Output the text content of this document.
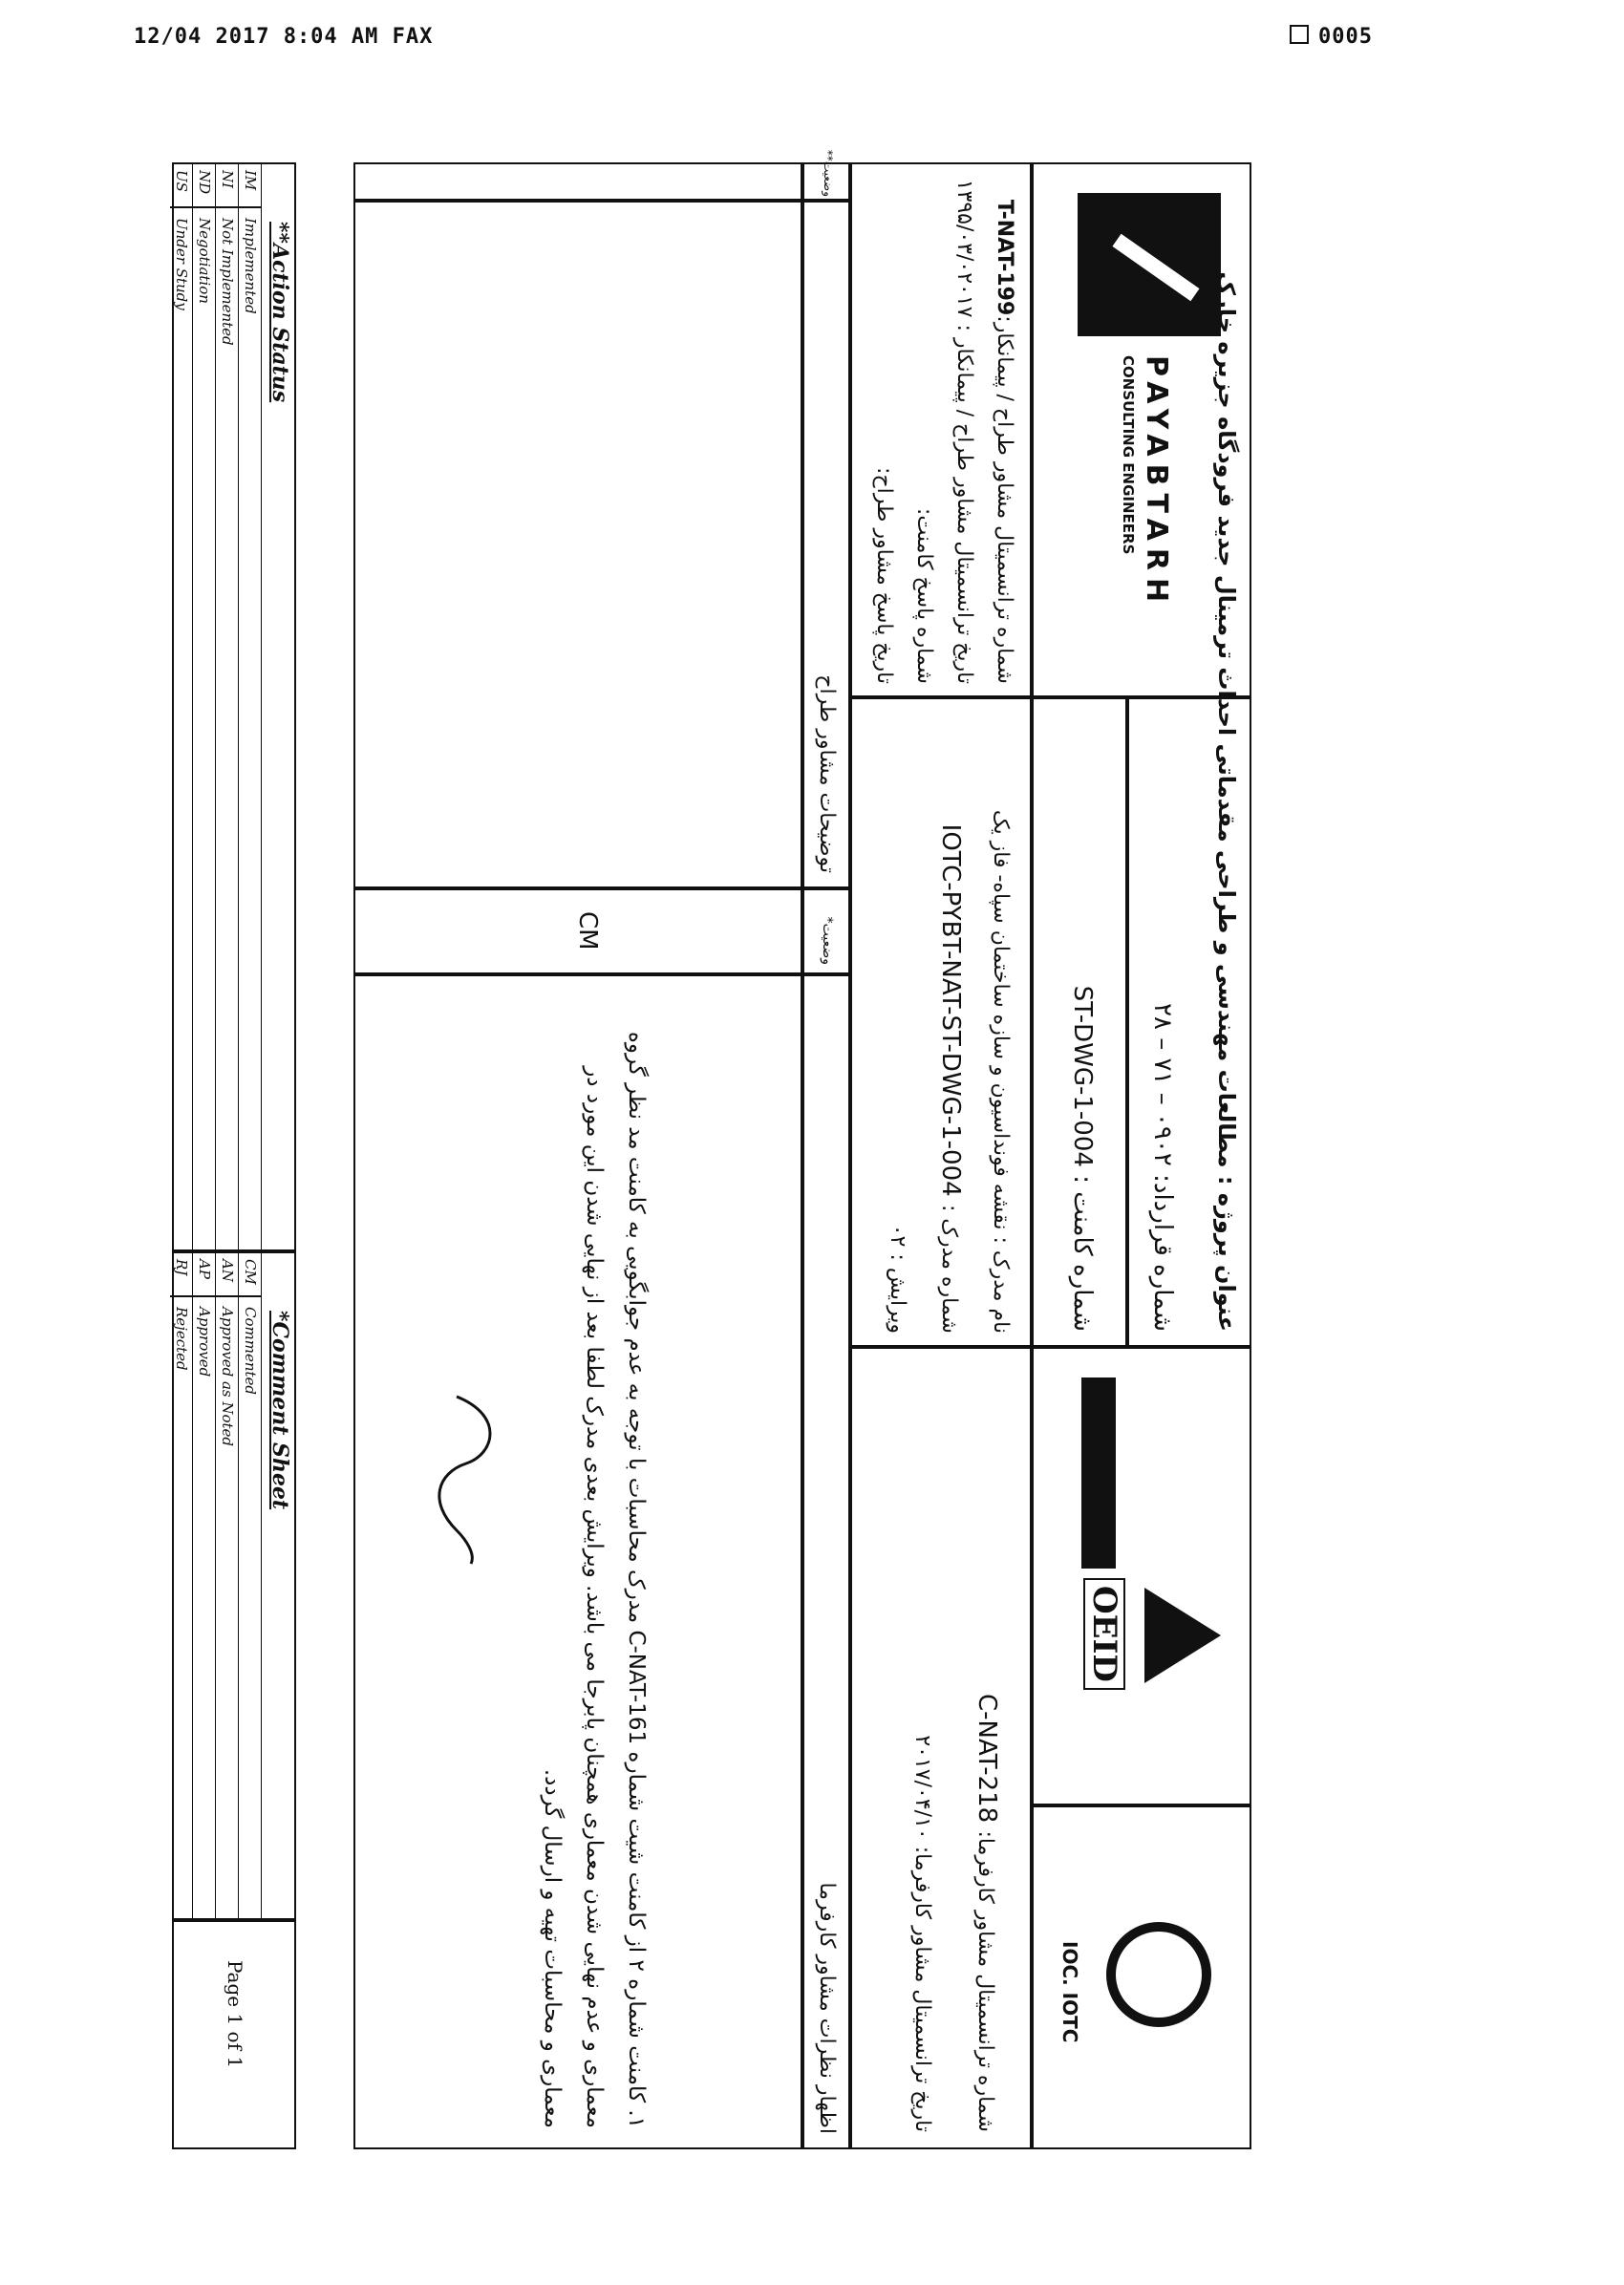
12/04 2017 8:04 AM FAX	0005
PAYABTARH
CONSULTING ENGINEERS
عنوان پروژه : مطالعات مهندسی و طراحی مقدماتی احداث ترمینال جدید فرودگاه جزیره خارک
شماره قرارداد: ۰۹۰۲ – ۷۱ – ۲۸
شماره کامنت : ST-DWG-1-004
OEID
IOC. IOTC
شماره ترانسمیتال مشاور طراح / پیمانکار:T-NAT-199
تاریخ ترانسمیتال مشاور طراح / پیمانکار : ۱۳۹۵/۰۳/۰۲۰۱۷
شماره پاسخ کامنت:
تاریخ پاسخ مشاور طراح:
نام مدرک : نقشه فونداسیون و سازه ساختمان سپاه- فاز یک
شماره مدرک : IOTC-PYBT-NAT-ST-DWG-1-004
ویرایش : ۰۲
شماره ترانسمیتال مشاور کارفرما: C-NAT-218
تاریخ ترانسمیتال مشاور کارفرما: ۲۰۱۷/۰۴/۱۰
وضعیت**
توضیحات مشاور طراح
وضعیت*
اظهار نظرات مشاور کارفرما
CM
۱. کامنت شماره ۲ از کامنت شیت شماره C-NAT-161 مدرک محاسبات با توجه به عدم جوابگویی به کامنت مد نظر گروه معماری و عدم نهایی شدن معماری همچنان پابرجا می باشد. ویرایش بعدی مدرک لطفا بعد از نهایی شدن این مورد در معماری و محاسبات تهیه و ارسال گردد.
**Action Status
IM
Implemented
NI
Not Implemented
ND
Negotiation
US
Under Study
*Comment Sheet
CM
Commented
AN
Approved as Noted
AP
Approved
RJ
Rejected
Page 1 of 1
